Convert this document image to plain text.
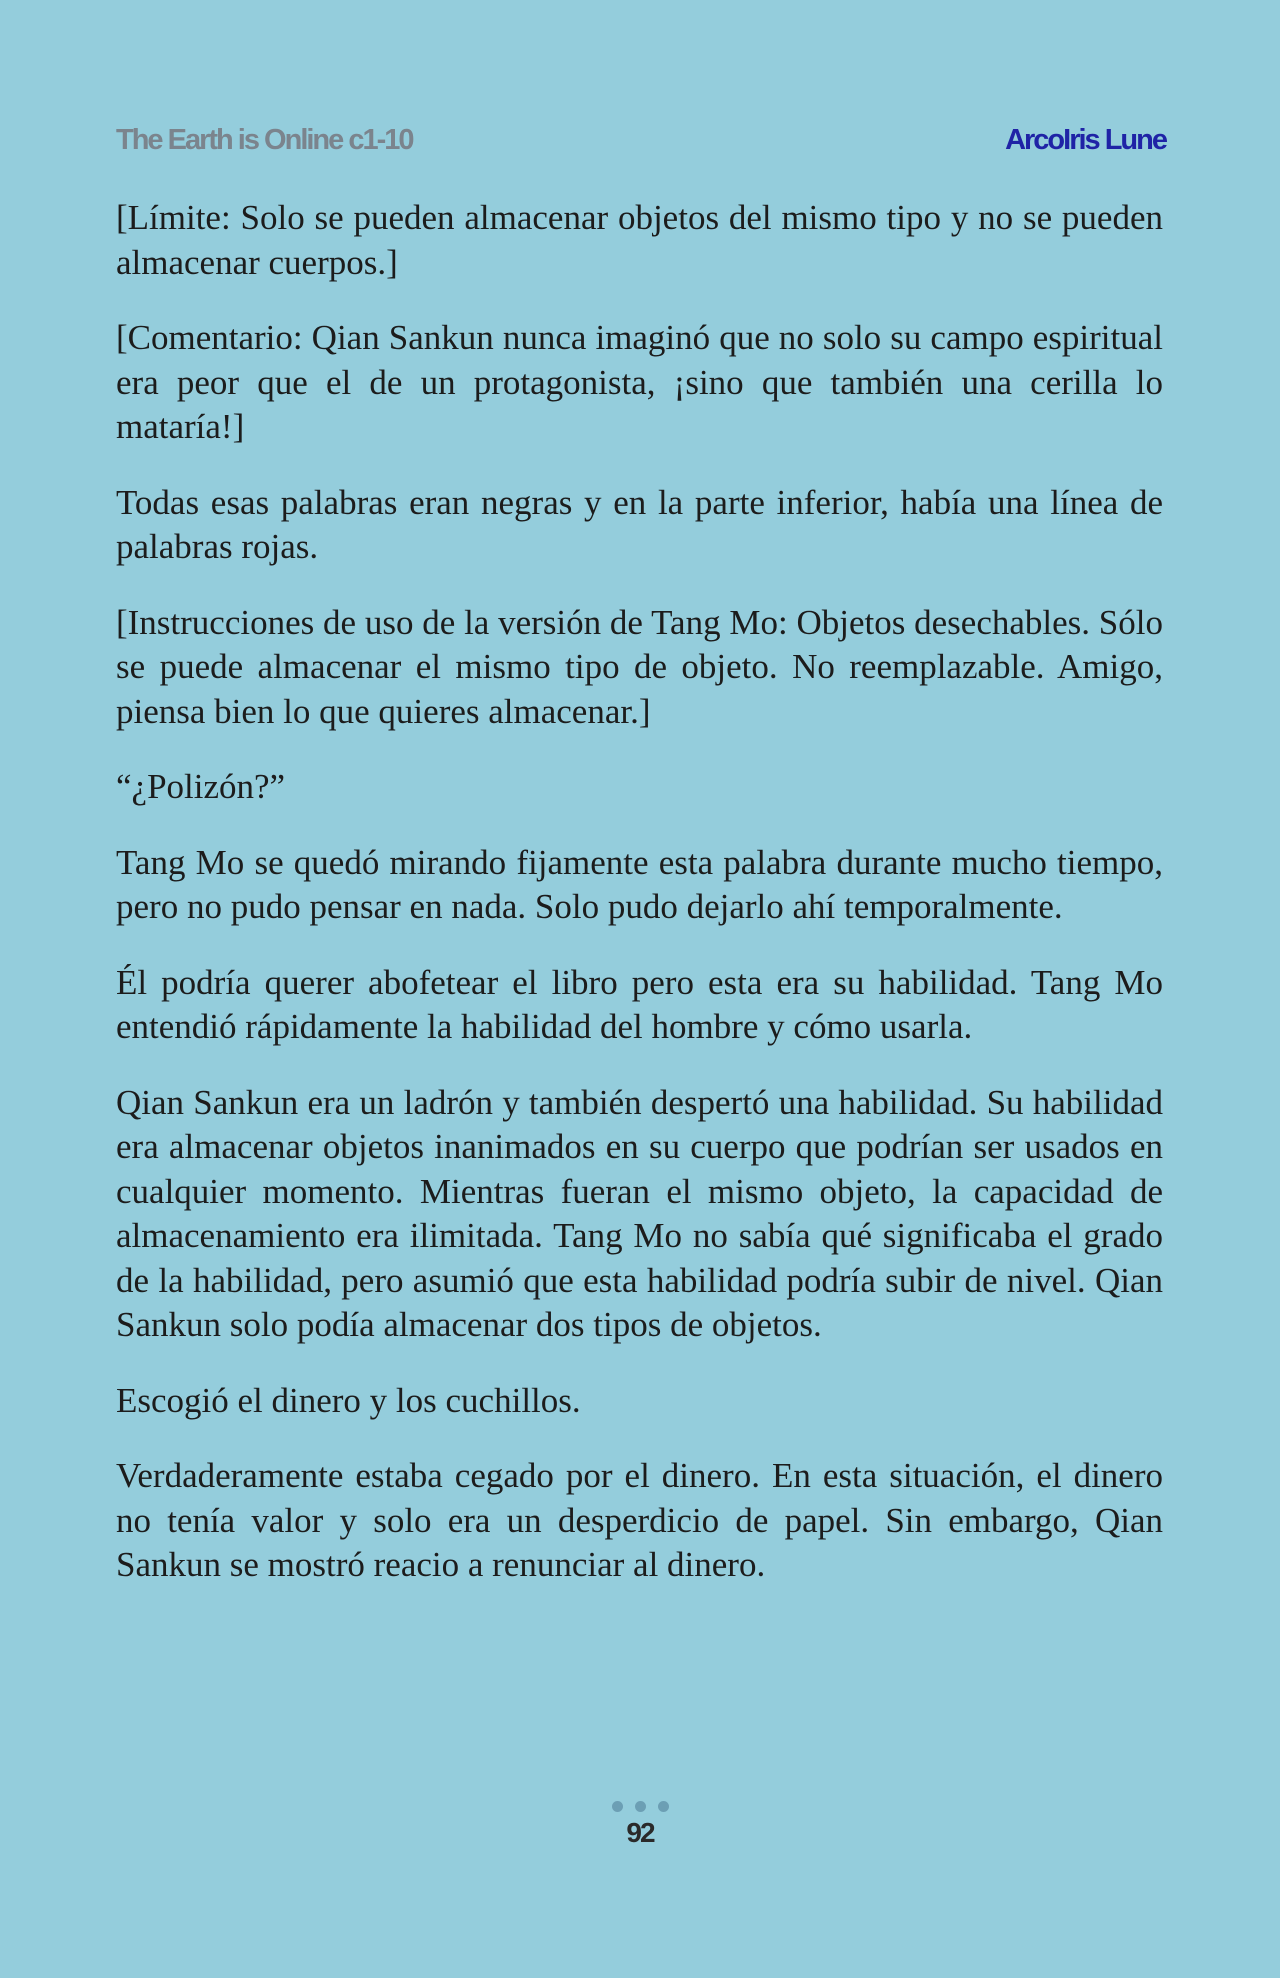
The Earth is Online c1-10	ArcoIris Lune

[Límite: Solo se pueden almacenar objetos del mismo tipo y no se pueden almacenar cuerpos.]

[Comentario: Qian Sankun nunca imaginó que no solo su campo espiritual era peor que el de un protagonista, ¡sino que también una cerilla lo mataría!]

Todas esas palabras eran negras y en la parte inferior, había una línea de palabras rojas.

[Instrucciones de uso de la versión de Tang Mo: Objetos desechables. Sólo se puede almacenar el mismo tipo de objeto. No reemplazable. Amigo, piensa bien lo que quieres almacenar.]

“¿Polizón?”

Tang Mo se quedó mirando fijamente esta palabra durante mucho tiempo, pero no pudo pensar en nada. Solo pudo dejarlo ahí temporalmente.

Él podría querer abofetear el libro pero esta era su habilidad. Tang Mo entendió rápidamente la habilidad del hombre y cómo usarla.

Qian Sankun era un ladrón y también despertó una habilidad. Su habilidad era almacenar objetos inanimados en su cuerpo que podrían ser usados en cualquier momento. Mientras fueran el mismo objeto, la capacidad de almacenamiento era ilimitada. Tang Mo no sabía qué significaba el grado de la habilidad, pero asumió que esta habilidad podría subir de nivel. Qian Sankun solo podía almacenar dos tipos de objetos.

Escogió el dinero y los cuchillos.

Verdaderamente estaba cegado por el dinero. En esta situación, el dinero no tenía valor y solo era un desperdicio de papel. Sin embargo, Qian Sankun se mostró reacio a renunciar al dinero.

92
